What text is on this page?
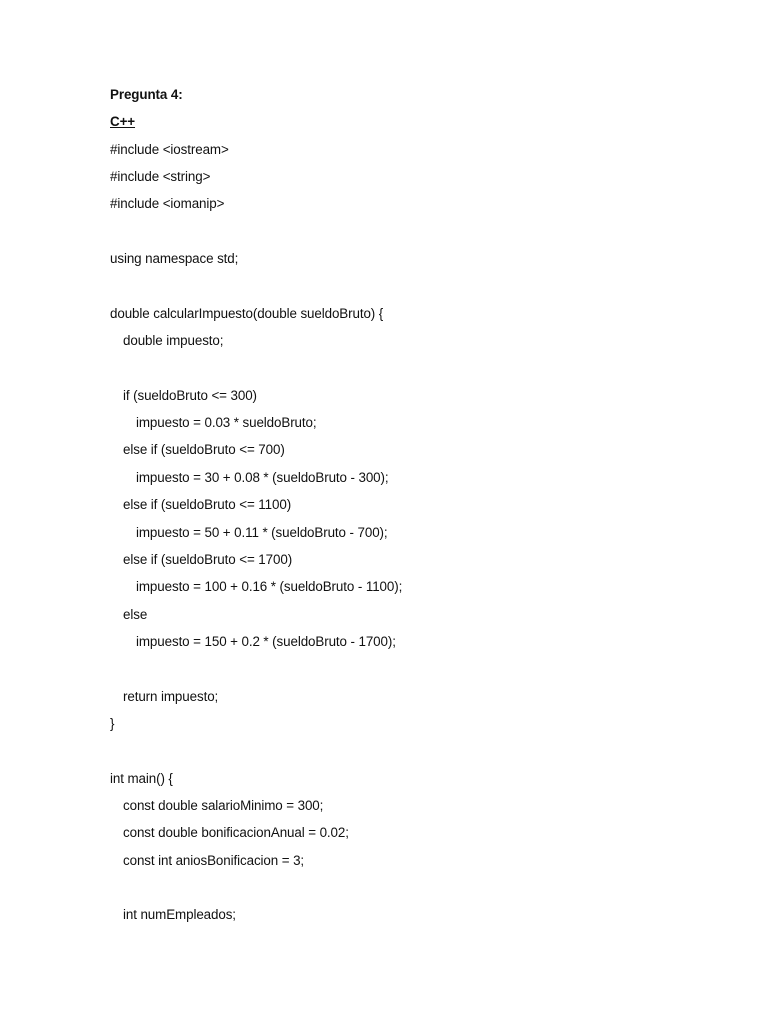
Pregunta 4:
C++
#include <iostream>
#include <string>
#include <iomanip>
using namespace std;
double calcularImpuesto(double sueldoBruto) {
double impuesto;
if (sueldoBruto <= 300)
impuesto = 0.03 * sueldoBruto;
else if (sueldoBruto <= 700)
impuesto = 30 + 0.08 * (sueldoBruto - 300);
else if (sueldoBruto <= 1100)
impuesto = 50 + 0.11 * (sueldoBruto - 700);
else if (sueldoBruto <= 1700)
impuesto = 100 + 0.16 * (sueldoBruto - 1100);
else
impuesto = 150 + 0.2 * (sueldoBruto - 1700);
return impuesto;
}
int main() {
const double salarioMinimo = 300;
const double bonificacionAnual = 0.02;
const int aniosBonificacion = 3;
int numEmpleados;
